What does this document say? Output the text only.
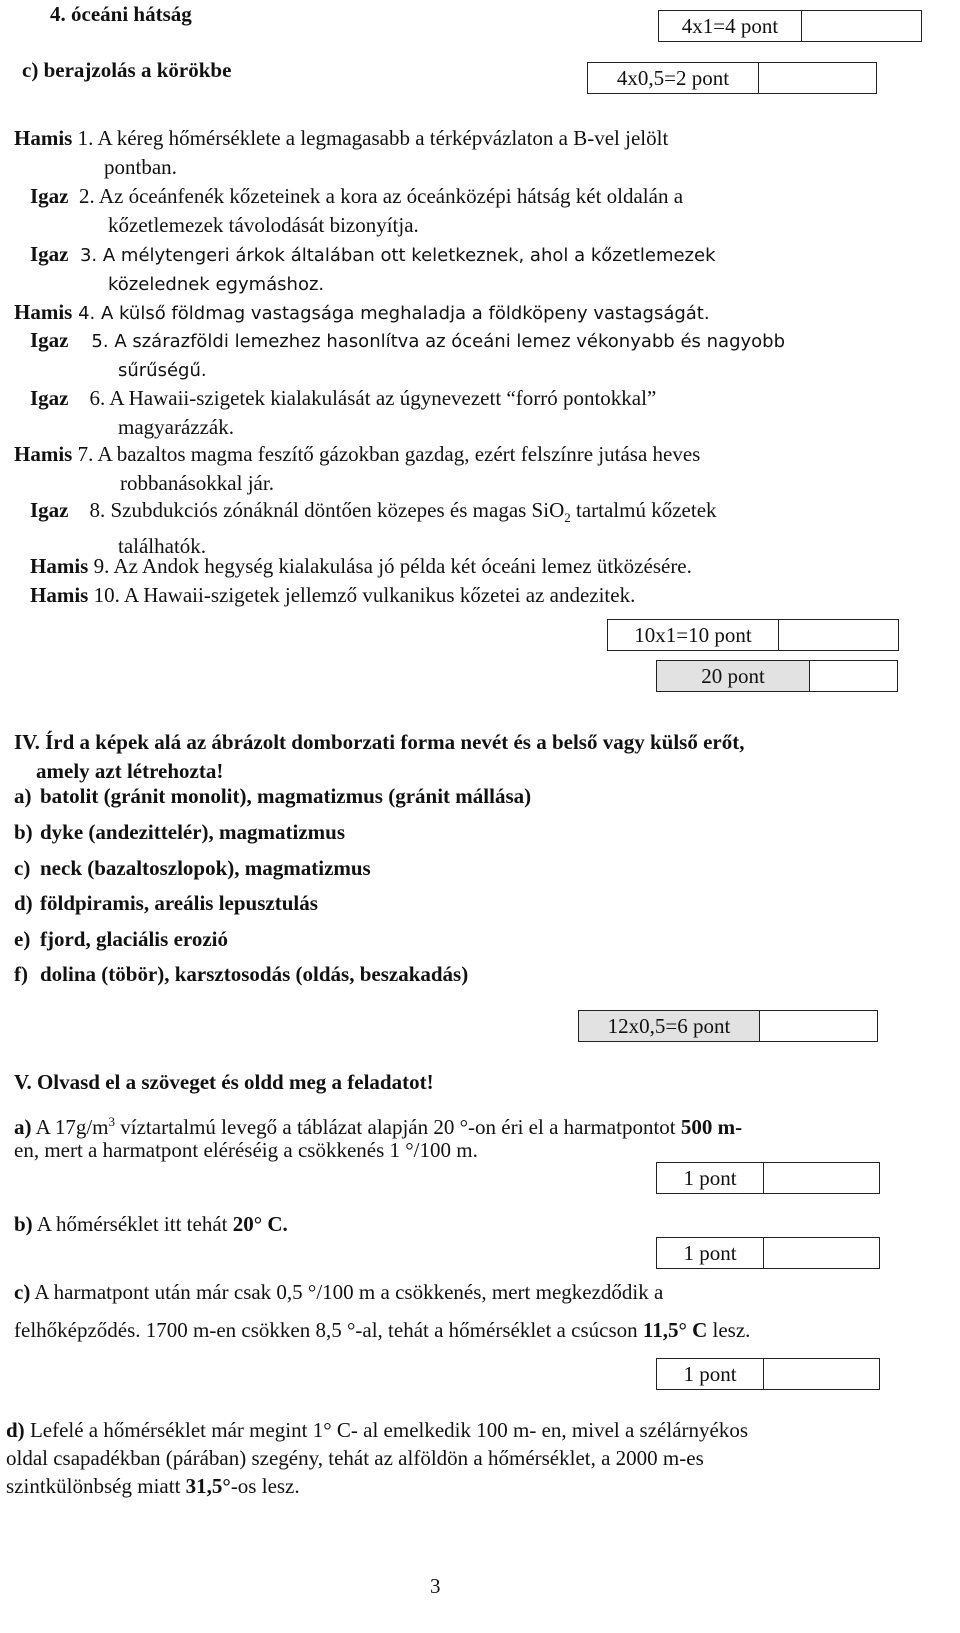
4. óceáni hátság
c) berajzolás a körökbe
4x1=4 pont
4x0,5=2 pont
Hamis 1. A kéreg hőmérséklete a legmagasabb a térképvázlaton a B-vel jelölt
pontban.
Igaz 2. Az óceánfenék kőzeteinek a kora az óceánközépi hátság két oldalán a
kőzetlemezek távolodását bizonyítja.
Igaz 3. A mélytengeri árkok általában ott keletkeznek, ahol a kőzetlemezek
közelednek egymáshoz.
Hamis 4. A külső földmag vastagsága meghaladja a földköpeny vastagságát.
Igaz 5. A szárazföldi lemezhez hasonlítva az óceáni lemez vékonyabb és nagyobb
sűrűségű.
Igaz 6. A Hawaii-szigetek kialakulását az úgynevezett “forró pontokkal”
magyarázzák.
Hamis 7. A bazaltos magma feszítő gázokban gazdag, ezért felszínre jutása heves
robbanásokkal jár.
Igaz 8. Szubdukciós zónáknál döntően közepes és magas SiO$_2$ tartalmú kőzetek
találhatók.
Hamis 9. Az Andok hegység kialakulása jó példa két óceáni lemez ütközésére.
Hamis 10. A Hawaii-szigetek jellemző vulkanikus kőzetei az andezitek.
10x1=10 pont
20 pont
IV. Írd a képek alá az ábrázolt domborzati forma nevét és a belső vagy külső erőt,
amely azt létrehozta!
a) batolit (gránit monolit), magmatizmus (gránit mállása)
b) dyke (andezittelér), magmatizmus
c) neck (bazaltoszlopok), magmatizmus
d) földpiramis, areális lepusztulás
e) fjord, glaciális erozió
f) dolina (töbör), karsztosodás (oldás, beszakadás)
12x0,5=6 pont
V. Olvasd el a szöveget és oldd meg a feladatot!
a) A $17g/m^3$ víztartalmú levegő a táblázat alapján 20 °-on éri el a harmatpontot 500 m-
en, mert a harmatpont eléréséig a csökkenés 1 °/100 m.
1 pont
b) A hőmérséklet itt tehát 20° C.
1 pont
c) A harmatpont után már csak 0,5 °/100 m a csökkenés, mert megkezdődik a
felhőképződés. 1700 m-en csökken 8,5 °-al, tehát a hőmérséklet a csúcson 11,5° C lesz.
1 pont
d) Lefelé a hőmérséklet már megint 1° C- al emelkedik 100 m- en, mivel a szélárnyékos
oldal csapadékban (párában) szegény, tehát az alföldön a hőmérséklet, a 2000 m-es
szintkülönbség miatt 31,5°-os lesz.
3
